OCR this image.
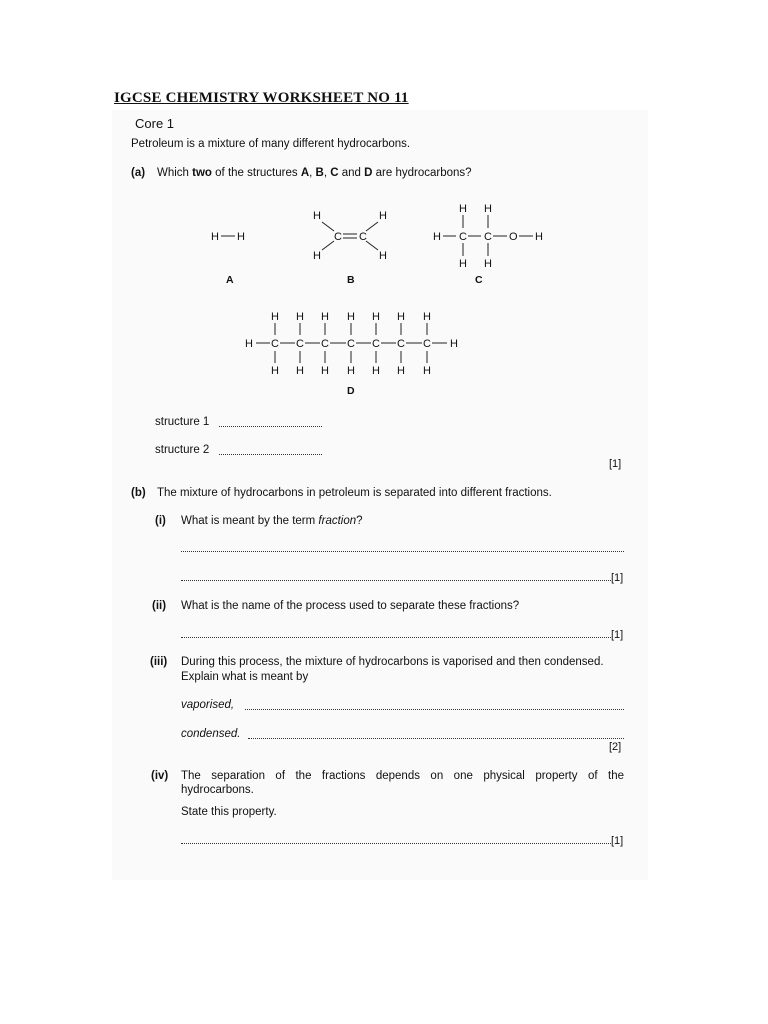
IGCSE CHEMISTRY WORKSHEET NO 11
Core 1
Petroleum is a mixture of many different hydrocarbons.
(a) Which two of the structures A, B, C and D are hydrocarbons?
H H
A
H	H
C C
H	H
B
H H
H C C O H
H H
C
H
H
C
H
H
C
H
H
C
H
H
C
H
H
C
H
H
C
H
H
C
H
H
D
structure 1
structure 2
[1]
(b) The mixture of hydrocarbons in petroleum is separated into different fractions.
(i) What is meant by the term fraction?
[1]
(ii) What is the name of the process used to separate these fractions?
[1]
(iii) During this process, the mixture of hydrocarbons is vaporised and then condensed.
Explain what is meant by
vaporised,
condensed.
[2]
(iv) The separation of the fractions depends on one physical property of the
hydrocarbons.
State this property.
[1]
